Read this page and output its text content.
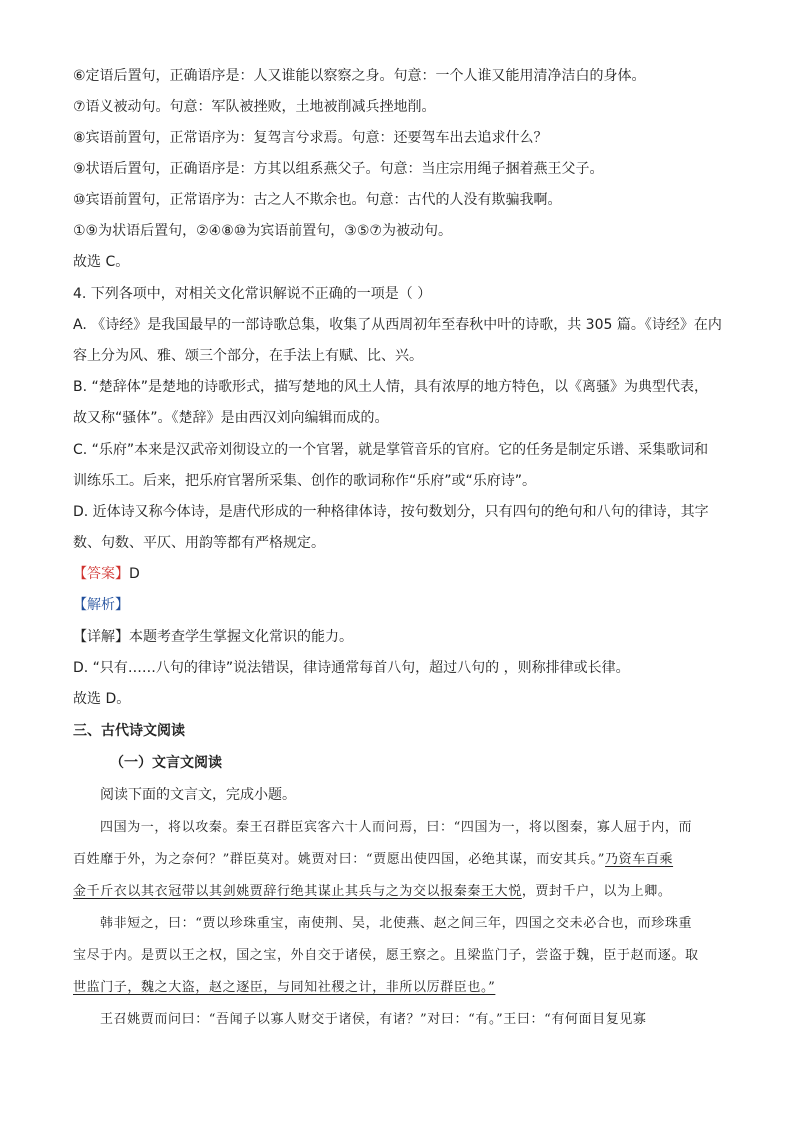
⑥定语后置句，正确语序是：人又谁能以察察之身。句意：一个人谁又能用清净洁白的身体。
⑦语义被动句。句意：军队被挫败，土地被削减兵挫地削。
⑧宾语前置句，正常语序为：复驾言兮求焉。句意：还要驾车出去追求什么？
⑨状语后置句，正确语序是：方其以组系燕父子。句意：当庄宗用绳子捆着燕王父子。
⑩宾语前置句，正常语序为：古之人不欺余也。句意：古代的人没有欺骗我啊。
①⑨为状语后置句，②④⑧⑩为宾语前置句，③⑤⑦为被动句。
故选 C。
4. 下列各项中，对相关文化常识解说不正确的一项是（ ）
A. 《诗经》是我国最早的一部诗歌总集，收集了从西周初年至春秋中叶的诗歌，共 305 篇。《诗经》在内
容上分为风、雅、颂三个部分，在手法上有赋、比、兴。
B. “楚辞体”是楚地的诗歌形式，描写楚地的风土人情，具有浓厚的地方特色，以《离骚》为典型代表，
故又称“骚体”。《楚辞》是由西汉刘向编辑而成的。
C. “乐府”本来是汉武帝刘彻设立的一个官署，就是掌管音乐的官府。它的任务是制定乐谱、采集歌词和
训练乐工。后来，把乐府官署所采集、创作的歌词称作“乐府”或“乐府诗”。
D. 近体诗又称今体诗，是唐代形成的一种格律体诗，按句数划分，只有四句的绝句和八句的律诗，其字
数、句数、平仄、用韵等都有严格规定。
【答案】D
【解析】
【详解】本题考查学生掌握文化常识的能力。
D. “只有……八句的律诗”说法错误，律诗通常每首八句，超过八句的 ，则称排律或长律。
故选 D。
三、古代诗文阅读
（一）文言文阅读
阅读下面的文言文，完成小题。
四国为一，将以攻秦。秦王召群臣宾客六十人而问焉，曰：“四国为一，将以图秦，寡人屈于内，而
百姓靡于外，为之奈何？”群臣莫对。姚贾对曰：“贾愿出使四国，必绝其谋，而安其兵。”乃资车百乘
金千斤衣以其衣冠带以其剑姚贾辞行绝其谋止其兵与之为交以报秦秦王大悦，贾封千户，以为上卿。
韩非短之，曰：“贾以珍珠重宝，南使荆、吴，北使燕、赵之间三年，四国之交未必合也，而珍珠重
宝尽于内。是贾以王之权，国之宝，外自交于诸侯，愿王察之。且梁监门子，尝盗于魏，臣于赵而逐。取
世监门子，魏之大盗，赵之逐臣，与同知社稷之计，非所以厉群臣也。”
王召姚贾而问曰：“吾闻子以寡人财交于诸侯，有诸？”对曰：“有。”王曰：“有何面目复见寡
